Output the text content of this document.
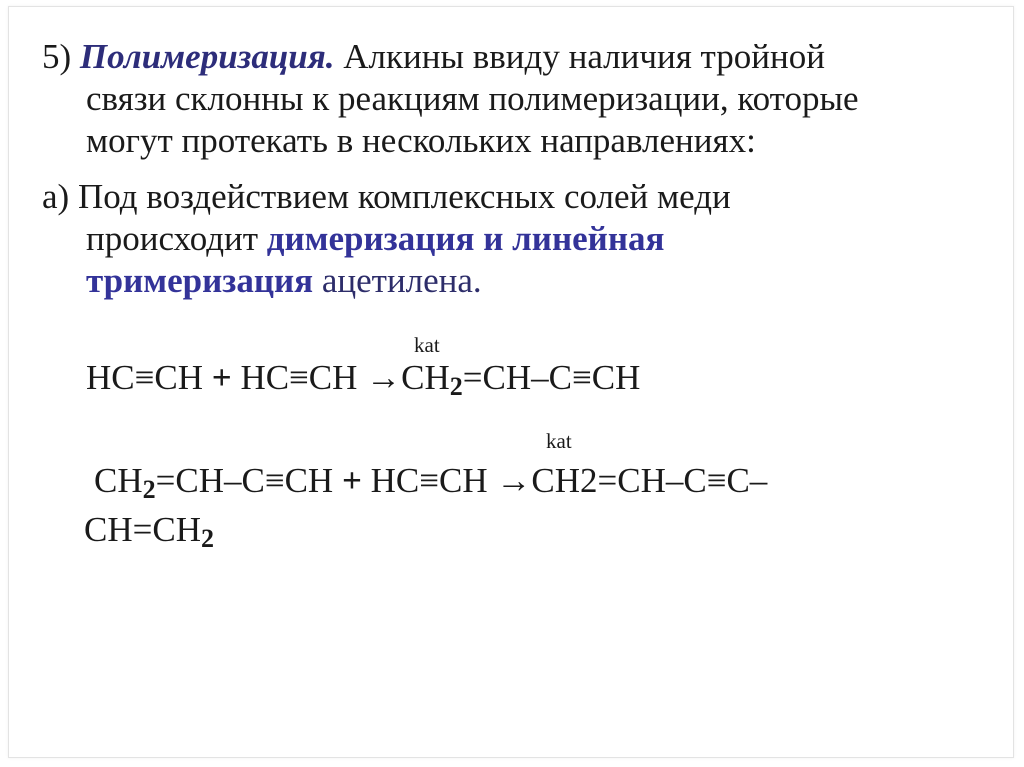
5) Полимеризация. Алкины ввиду наличия тройной
связи склонны к реакциям полимеризации, которые
могут протекать в нескольких направлениях:

а) Под воздействием комплексных солей меди
происходит димеризация и линейная
тримеризация ацетилена.

kat
HC≡CH + HC≡CH →CH2=CH–C≡CH
kat
CH2=CH–C≡CH + HC≡CH →CH2=CH–C≡C–
CH=CH2
